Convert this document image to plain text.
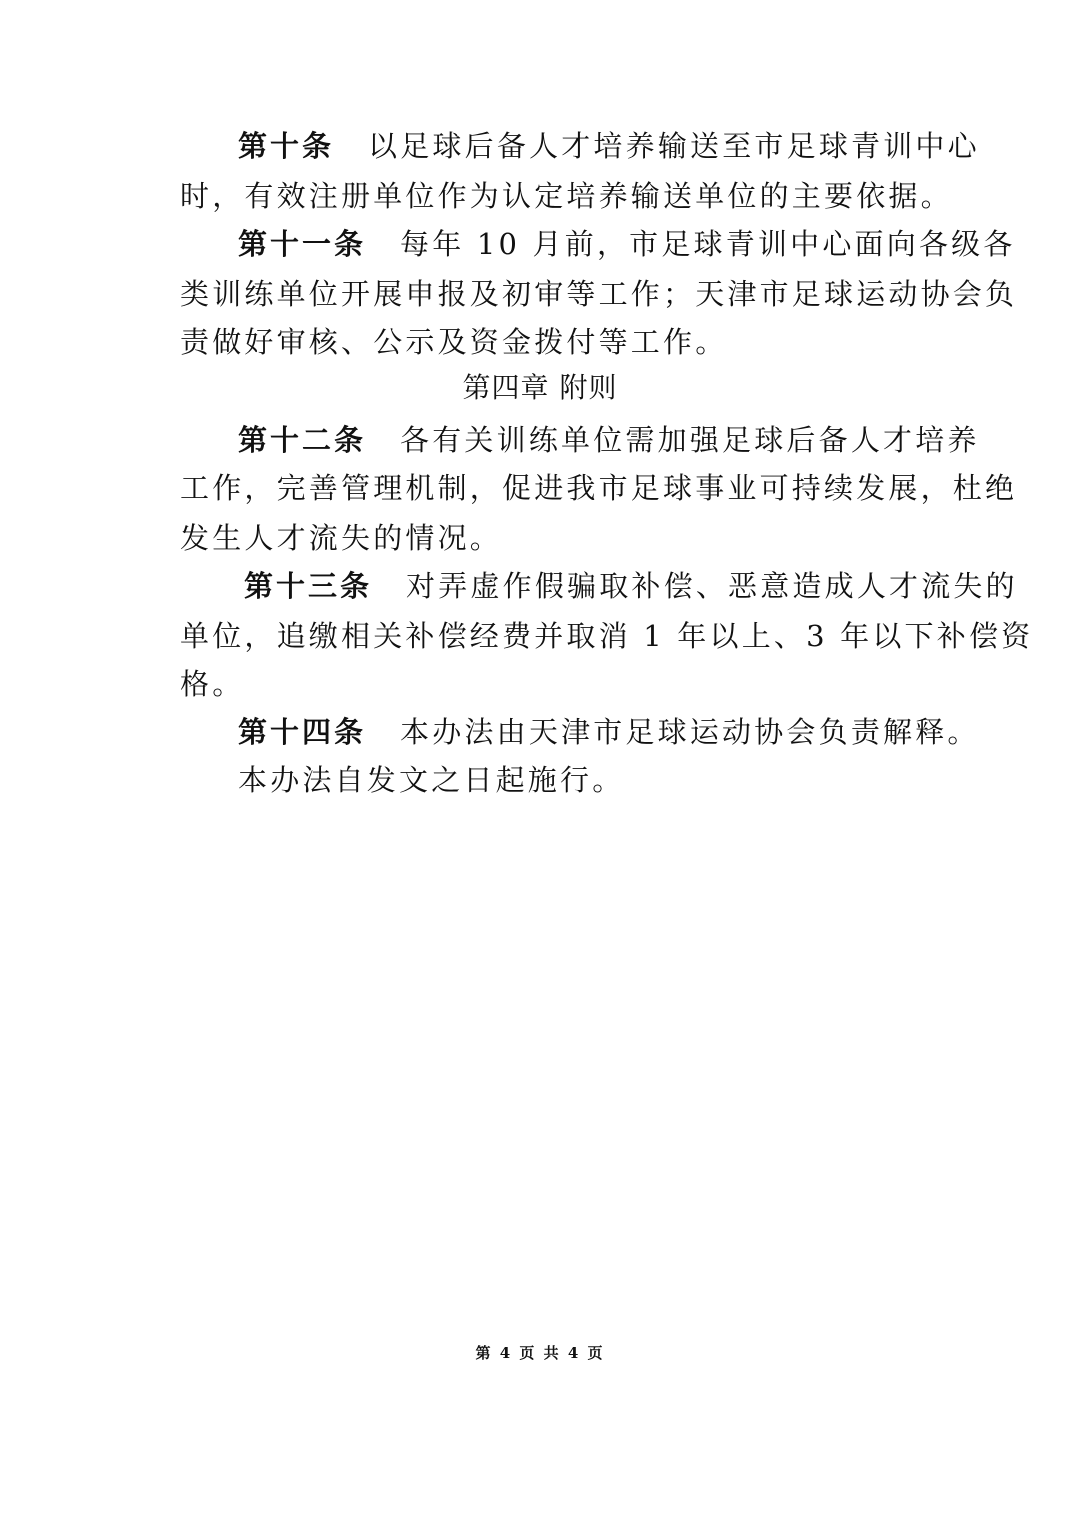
第十条 以足球后备人才培养输送至市足球青训中心
时，有效注册单位作为认定培养输送单位的主要依据。
第十一条 每年 10 月前，市足球青训中心面向各级各
类训练单位开展申报及初审等工作；天津市足球运动协会负
责做好审核、公示及资金拨付等工作。
第四章 附则
第十二条 各有关训练单位需加强足球后备人才培养
工作，完善管理机制，促进我市足球事业可持续发展，杜绝
发生人才流失的情况。
第十三条 对弄虚作假骗取补偿、恶意造成人才流失的
单位，追缴相关补偿经费并取消 1 年以上、3 年以下补偿资
格。
第十四条 本办法由天津市足球运动协会负责解释。
本办法自发文之日起施行。
第 4 页 共 4 页
